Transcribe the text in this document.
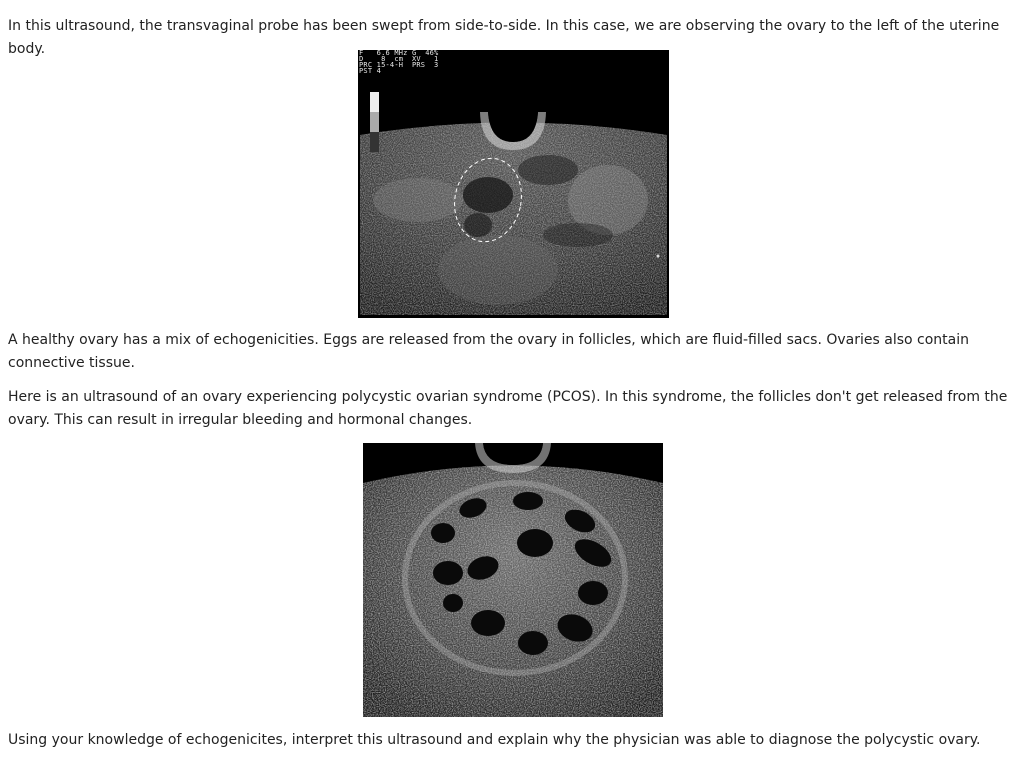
In this ultrasound, the transvaginal probe has been swept from side-to-side. In this case, we are observing the ovary to the left of the uterine body.	F   6.6 MHz G  46%
D    8  cm  XV   1
PRC 15-4-H  PRS  3
PST 4

A healthy ovary has a mix of echogenicities. Eggs are released from the ovary in follicles, which are fluid-filled sacs. Ovaries also contain connective tissue.

Here is an ultrasound of an ovary experiencing polycystic ovarian syndrome (PCOS). In this syndrome, the follicles don't get released from the ovary. This can result in irregular bleeding and hormonal changes.

Using your knowledge of echogenicites, interpret this ultrasound and explain why the physician was able to diagnose the polycystic ovary.
